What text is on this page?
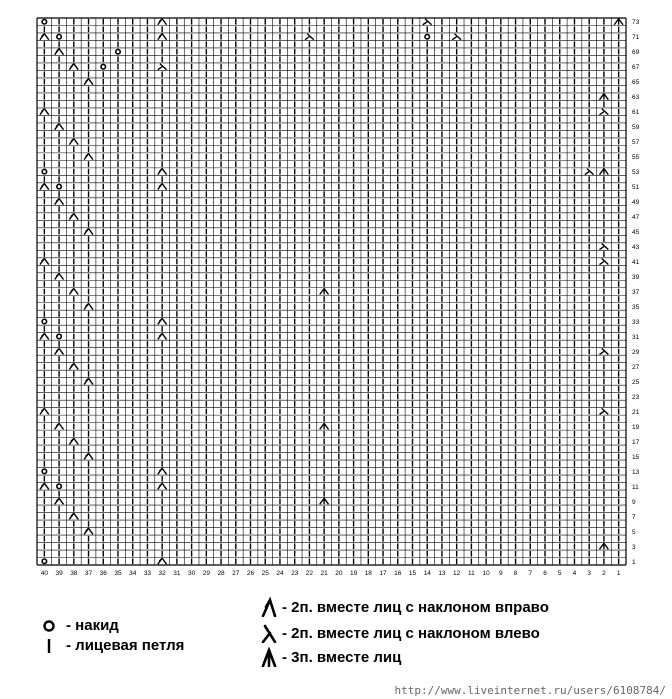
73
71
69
67
65
63
61
59
57
55
53
51
49
47
45
43
41
39
37
35
33
31
29
27
25
23
21
19
17
15
13
11
9
7
5
3
1
40 39 38 37 36 35 34 33 32 31 30 29 28 27 26 25 24 23 22 21 20 19 18 17 16 15 14 13 12 11 10 9 8 7 6 5 4 3 2 1
- накид
- лицевая петля
- 2п. вместе лиц с наклоном вправо
- 2п. вместе лиц с наклоном влево
- 3п. вместе лиц
http://www.liveinternet.ru/users/6108784/
